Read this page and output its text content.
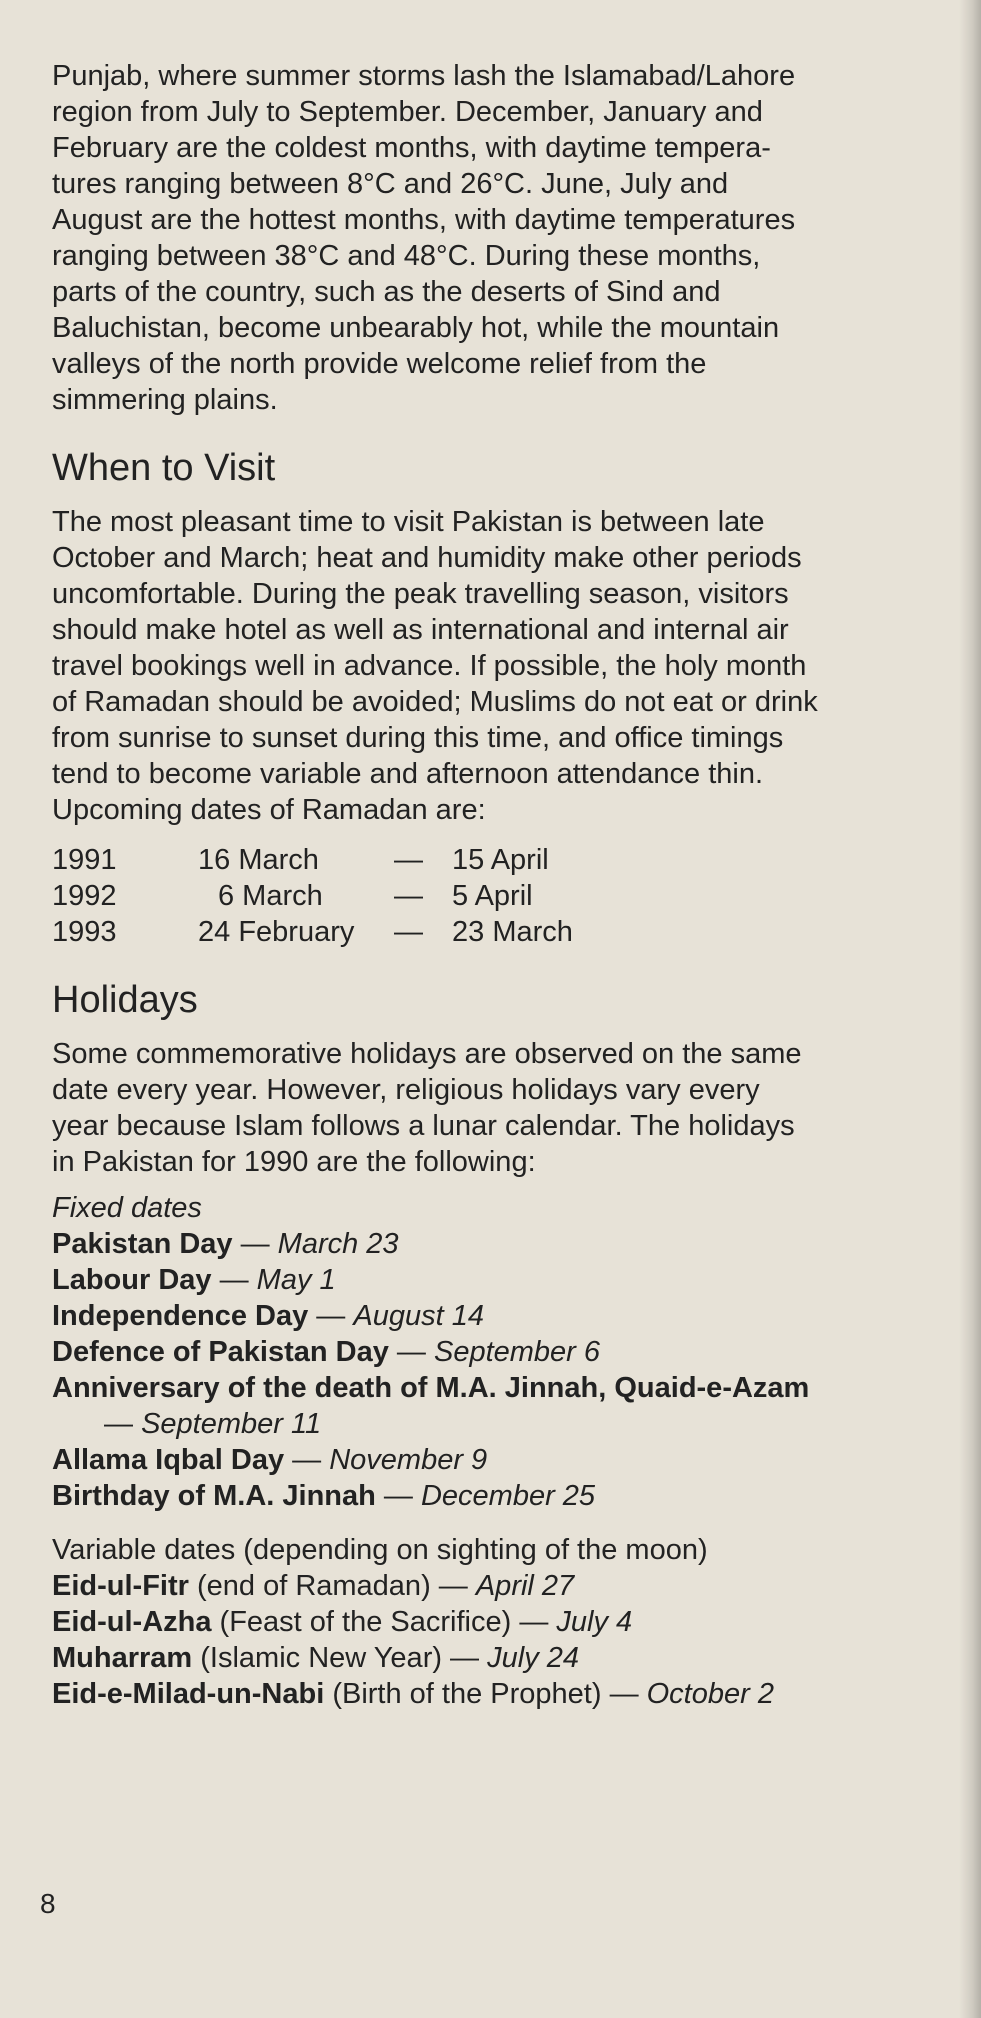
Punjab, where summer storms lash the Islamabad/Lahore
region from July to September. December, January and
February are the coldest months, with daytime tempera-
tures ranging between 8°C and 26°C. June, July and
August are the hottest months, with daytime temperatures
ranging between 38°C and 48°C. During these months,
parts of the country, such as the deserts of Sind and
Baluchistan, become unbearably hot, while the mountain
valleys of the north provide welcome relief from the
simmering plains.

When to Visit

The most pleasant time to visit Pakistan is between late
October and March; heat and humidity make other periods
uncomfortable. During the peak travelling season, visitors
should make hotel as well as international and internal air
travel bookings well in advance. If possible, the holy month
of Ramadan should be avoided; Muslims do not eat or drink
from sunrise to sunset during this time, and office timings
tend to become variable and afternoon attendance thin.
Upcoming dates of Ramadan are:

1991	16 March	—	15 April
1992	6 March	—	5 April
1993	24 February	—	23 March
Holidays

Some commemorative holidays are observed on the same
date every year. However, religious holidays vary every
year because Islam follows a lunar calendar. The holidays
in Pakistan for 1990 are the following:

Fixed dates
Pakistan Day — March 23
Labour Day — May 1
Independence Day — August 14
Defence of Pakistan Day — September 6
Anniversary of the death of M.A. Jinnah, Quaid-e-Azam
— September 11
Allama Iqbal Day — November 9
Birthday of M.A. Jinnah — December 25
Variable dates (depending on sighting of the moon)
Eid-ul-Fitr (end of Ramadan) — April 27
Eid-ul-Azha (Feast of the Sacrifice) — July 4
Muharram (Islamic New Year) — July 24
Eid-e-Milad-un-Nabi (Birth of the Prophet) — October 2
8
